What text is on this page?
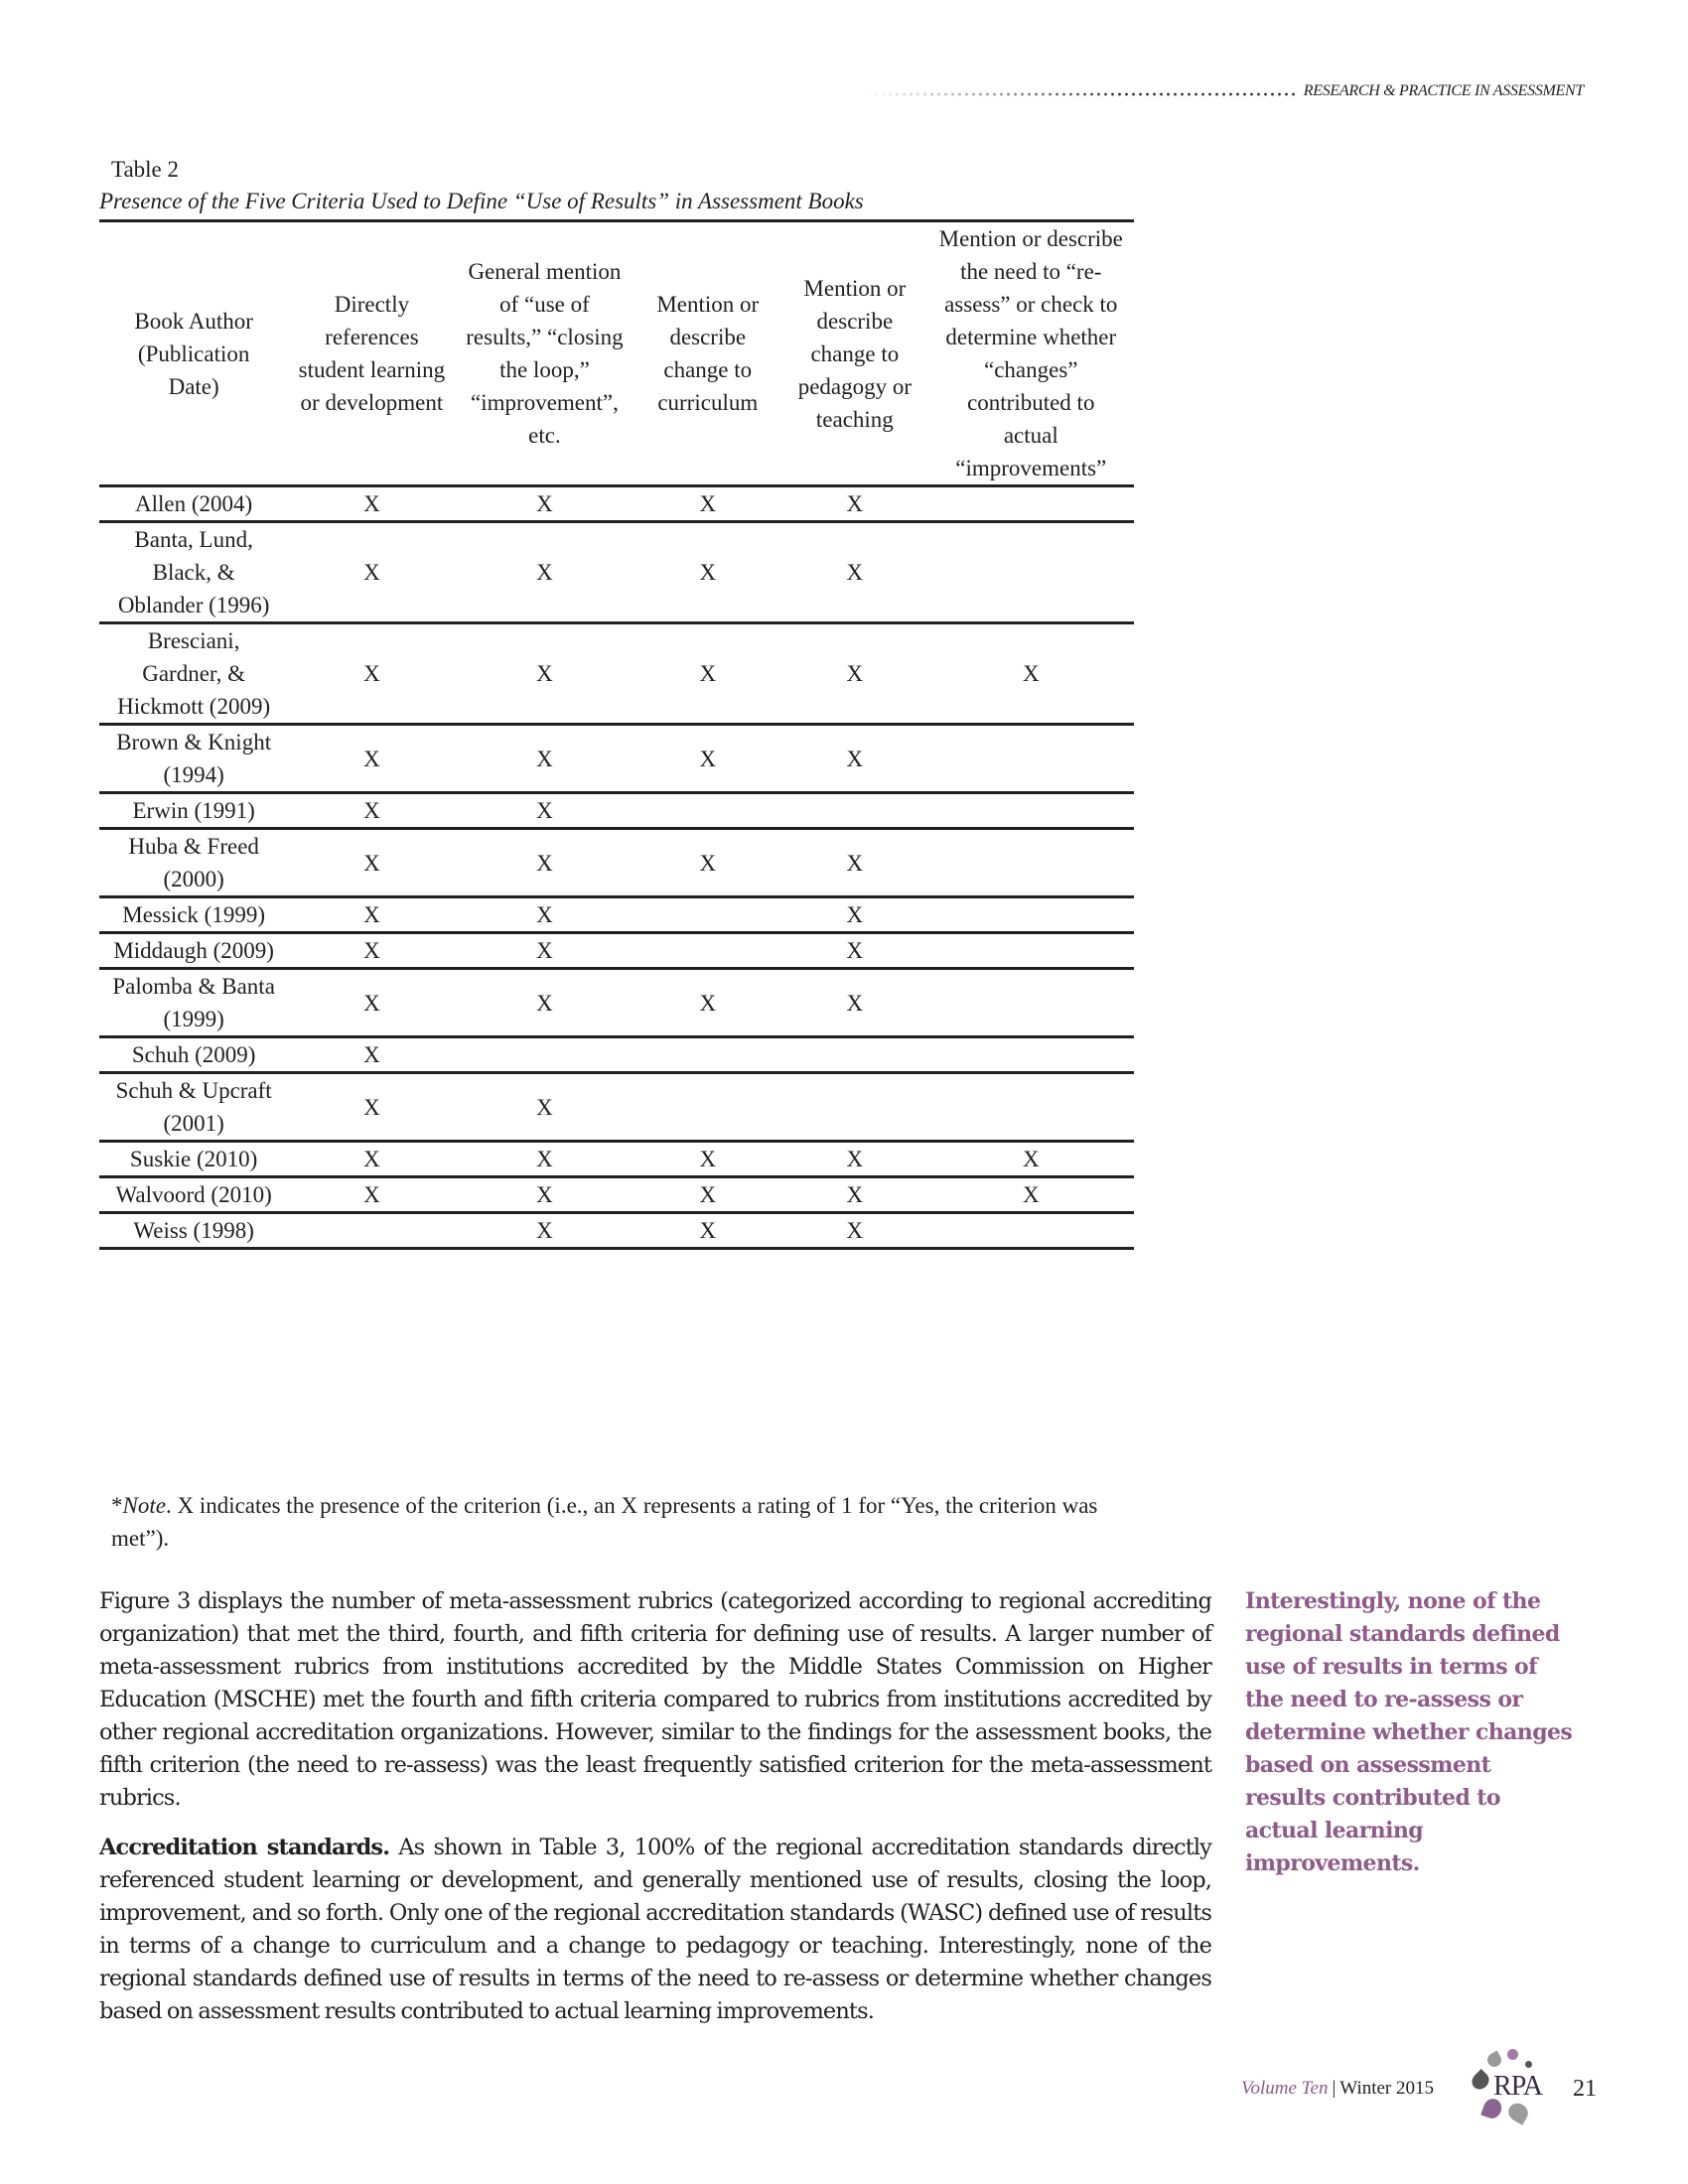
RESEARCH & PRACTICE IN ASSESSMENT
Table 2
Presence of the Five Criteria Used to Define “Use of Results” in Assessment Books
Book Author (Publication Date)	Directly references student learning or development	General mention of “use of results,” “closing the loop,” “improvement”, etc.	Mention or describe change to curriculum	Mention or describe change to pedagogy or teaching	Mention or describe the need to “re-assess” or check to determine whether “changes” contributed to actual “improvements”
Allen (2004)	X	X	X	X	
Banta, Lund, Black, & Oblander (1996)	X	X	X	X	
Bresciani, Gardner, & Hickmott (2009)	X	X	X	X	X
Brown & Knight (1994)	X	X	X	X	
Erwin (1991)	X	X			
Huba & Freed (2000)	X	X	X	X	
Messick (1999)	X	X		X	
Middaugh (2009)	X	X		X	
Palomba & Banta (1999)	X	X	X	X	
Schuh (2009)	X				
Schuh & Upcraft (2001)	X	X			
Suskie (2010)	X	X	X	X	X
Walvoord (2010)	X	X	X	X	X
Weiss (1998)		X	X	X	
*Note. X indicates the presence of the criterion (i.e., an X represents a rating of 1 for “Yes, the criterion was met”).

Figure 3 displays the number of meta-assessment rubrics (categorized according to regional accrediting organization) that met the third, fourth, and fifth criteria for defining use of results. A larger number of meta-assessment rubrics from institutions accredited by the Middle States Commission on Higher Education (MSCHE) met the fourth and fifth criteria compared to rubrics from institutions accredited by other regional accreditation organizations. However, similar to the findings for the assessment books, the fifth criterion (the need to re-assess) was the least frequently satisfied criterion for the meta-assessment rubrics.

Accreditation standards. As shown in Table 3, 100% of the regional accreditation standards directly referenced student learning or development, and generally mentioned use of results, closing the loop, improvement, and so forth. Only one of the regional accreditation standards (WASC) defined use of results in terms of a change to curriculum and a change to pedagogy or teaching. Interestingly, none of the regional standards defined use of results in terms of the need to re-assess or determine whether changes based on assessment results contributed to actual learning improvements.

Interestingly, none of the regional standards defined use of results in terms of the need to re-assess or determine whether changes based on assessment results contributed to actual learning improvements.
Volume Ten | Winter 2015 RPA 21
